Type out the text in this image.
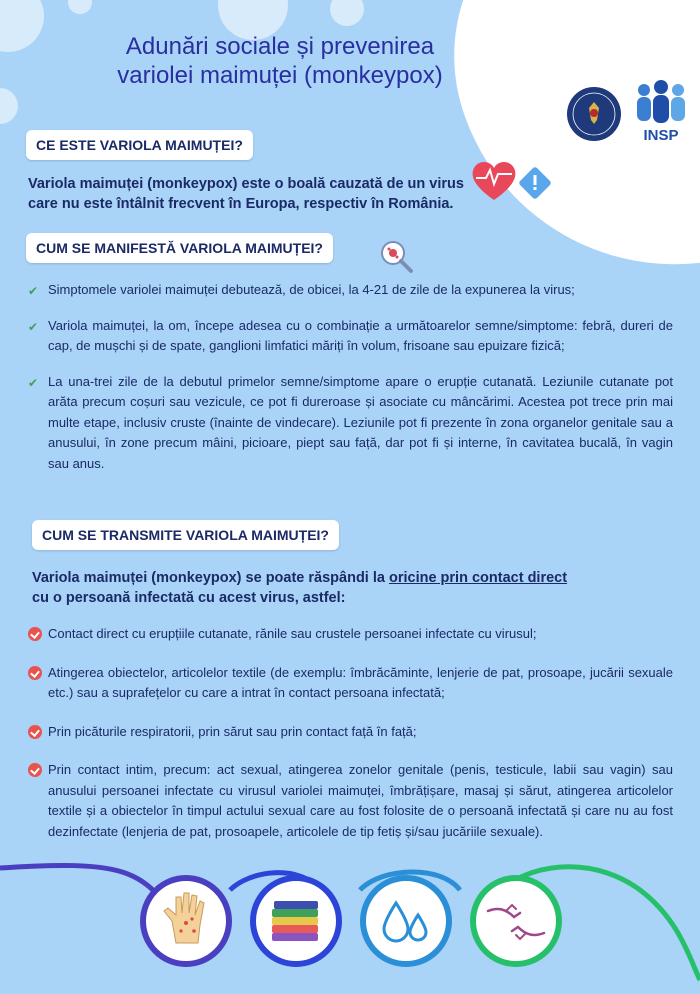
Adunări sociale și prevenirea
variolei maimuței (monkeypox)
INSP
CE ESTE VARIOLA MAIMUȚEI?
Variola maimuței (monkeypox) este o boală cauzată de un virus
care nu este întâlnit frecvent în Europa, respectiv în România.
CUM SE MANIFESTĂ VARIOLA MAIMUȚEI?
✔ Simptomele variolei maimuței debutează, de obicei, la 4-21 de zile de la expunerea la virus;
✔ Variola maimuței, la om, începe adesea cu o combinație a următoarelor semne/simptome: febră, dureri de cap, de mușchi și de spate, ganglioni limfatici măriți în volum, frisoane sau epuizare fizică;
✔ La una-trei zile de la debutul primelor semne/simptome apare o erupție cutanată. Leziunile cutanate pot arăta precum coșuri sau vezicule, ce pot fi dureroase și asociate cu mâncărimi. Acestea pot trece prin mai multe etape, inclusiv cruste (înainte de vindecare). Leziunile pot fi prezente în zona organelor genitale sau a anusului, în zone precum mâini, picioare, piept sau față, dar pot fi și interne, în cavitatea bucală, în vagin sau anus.
CUM SE TRANSMITE VARIOLA MAIMUȚEI?
Variola maimuței (monkeypox) se poate răspândi la oricine prin contact direct
cu o persoană infectată cu acest virus, astfel:
Contact direct cu erupțiile cutanate, rănile sau crustele persoanei infectate cu virusul;
Atingerea obiectelor, articolelor textile (de exemplu: îmbrăcăminte, lenjerie de pat, prosoape, jucării sexuale etc.) sau a suprafețelor cu care a intrat în contact persoana infectată;
Prin picăturile respiratorii, prin sărut sau prin contact față în față;
Prin contact intim, precum: act sexual, atingerea zonelor genitale (penis, testicule, labii sau vagin) sau anusului persoanei infectate cu virusul variolei maimuței, îmbrățișare, masaj și sărut, atingerea articolelor textile și a obiectelor în timpul actului sexual care au fost folosite de o persoană infectată și care nu au fost dezinfectate (lenjeria de pat, prosoapele, articolele de tip fetiș și/sau jucăriile sexuale).
